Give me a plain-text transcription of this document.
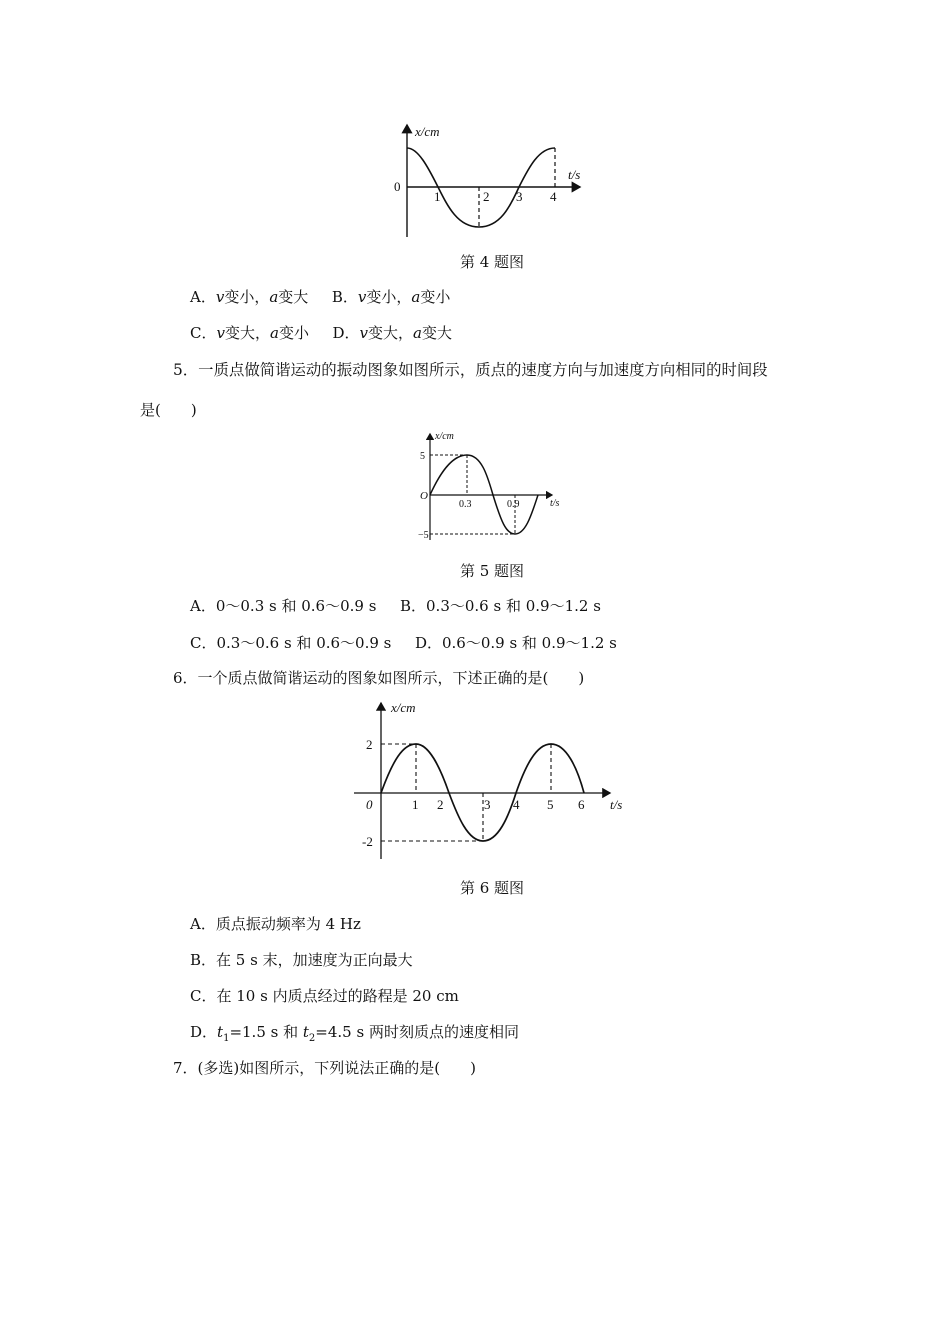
x/cm
t/s
0
1	2 3 4
第 4 题图
A．v变小，a变大 B．v变小，a变小
C．v变大，a变小 D．v变大，a变大
5．一质点做简谐运动的振动图象如图所示，质点的速度方向与加速度方向相同的时间段
是(　　)
x/cm
t/s
O
5
−5
0.3	0.9
第 5 题图
A．0～0.3 s 和 0.6～0.9 s B．0.3～0.6 s 和 0.9～1.2 s
C．0.3～0.6 s 和 0.6～0.9 s D．0.6～0.9 s 和 0.9～1.2 s
6．一个质点做简谐运动的图象如图所示，下述正确的是(　　)
x/cm
t/s
0
2
-2
1 2	3 4 5 6
第 6 题图
A．质点振动频率为 4 Hz
B．在 5 s 末，加速度为正向最大
C．在 10 s 内质点经过的路程是 20 cm
D．$t_1=1.5$ s 和 $t_2=4.5$ s 两时刻质点的速度相同
7．(多选)如图所示，下列说法正确的是(　　)
